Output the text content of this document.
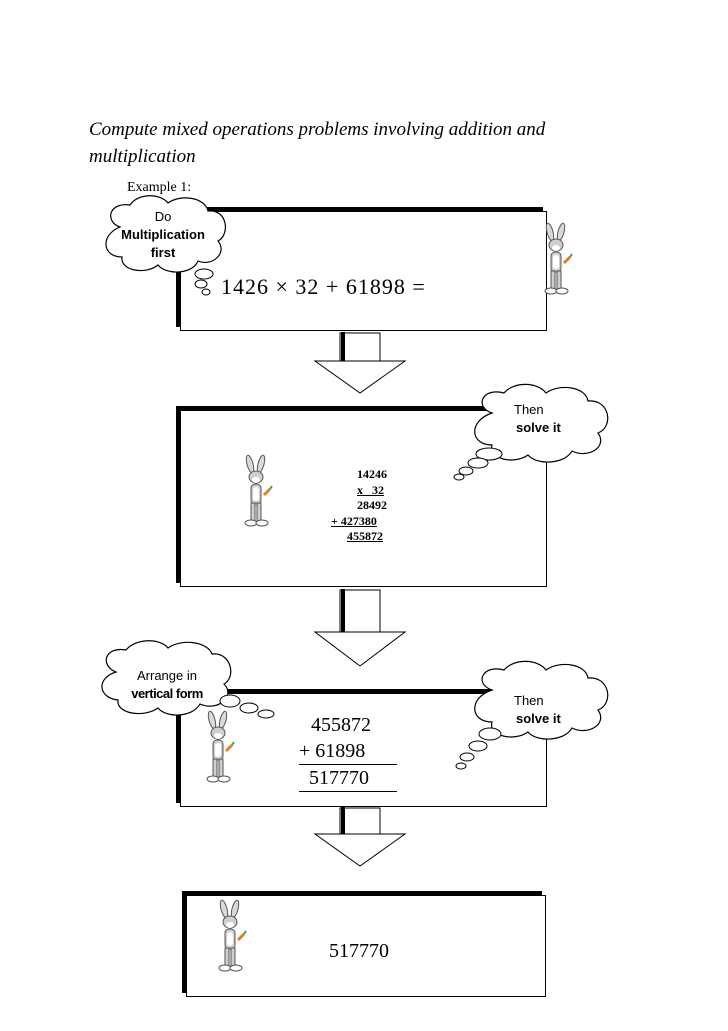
Compute mixed operations problems involving addition and multiplication
Example 1:
1426 × 32 + 61898 =
14246
x   32
28492
+ 427380
455872
455872
+ 61898
517770
517770
Do
Multiplication
first
Then
solve it
Arrange in
vertical form	Then
solve it
